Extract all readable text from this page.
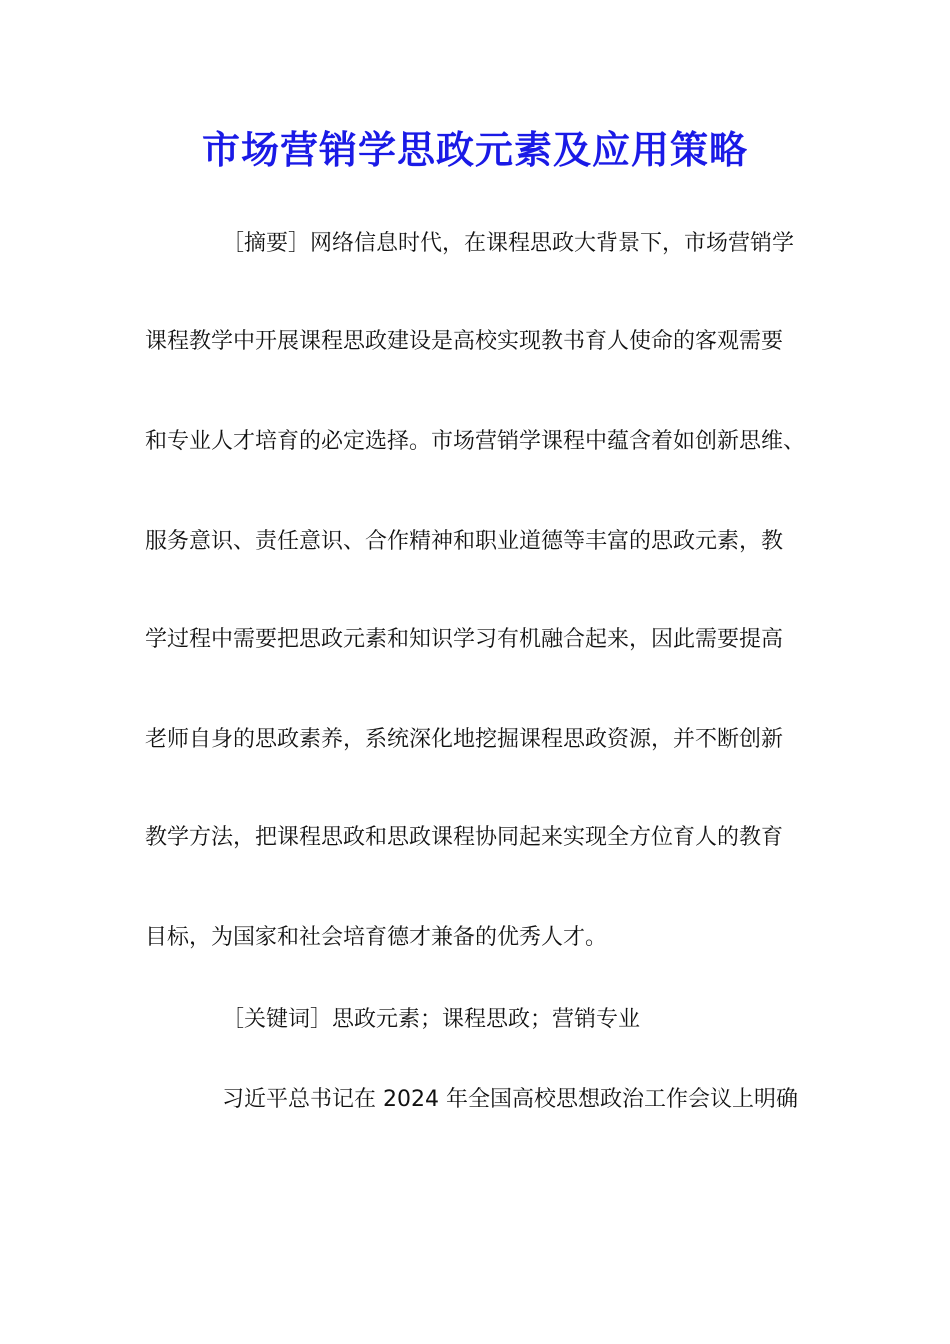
市场营销学思政元素及应用策略

［摘要］网络信息时代，在课程思政大背景下，市场营销学

课程教学中开展课程思政建设是高校实现教书育人使命的客观需要

和专业人才培育的必定选择。市场营销学课程中蕴含着如创新思维、

服务意识、责任意识、合作精神和职业道德等丰富的思政元素，教

学过程中需要把思政元素和知识学习有机融合起来，因此需要提高

老师自身的思政素养，系统深化地挖掘课程思政资源，并不断创新

教学方法，把课程思政和思政课程协同起来实现全方位育人的教育

目标，为国家和社会培育德才兼备的优秀人才。

［关键词］思政元素；课程思政；营销专业

习近平总书记在 2024 年全国高校思想政治工作会议上明确
